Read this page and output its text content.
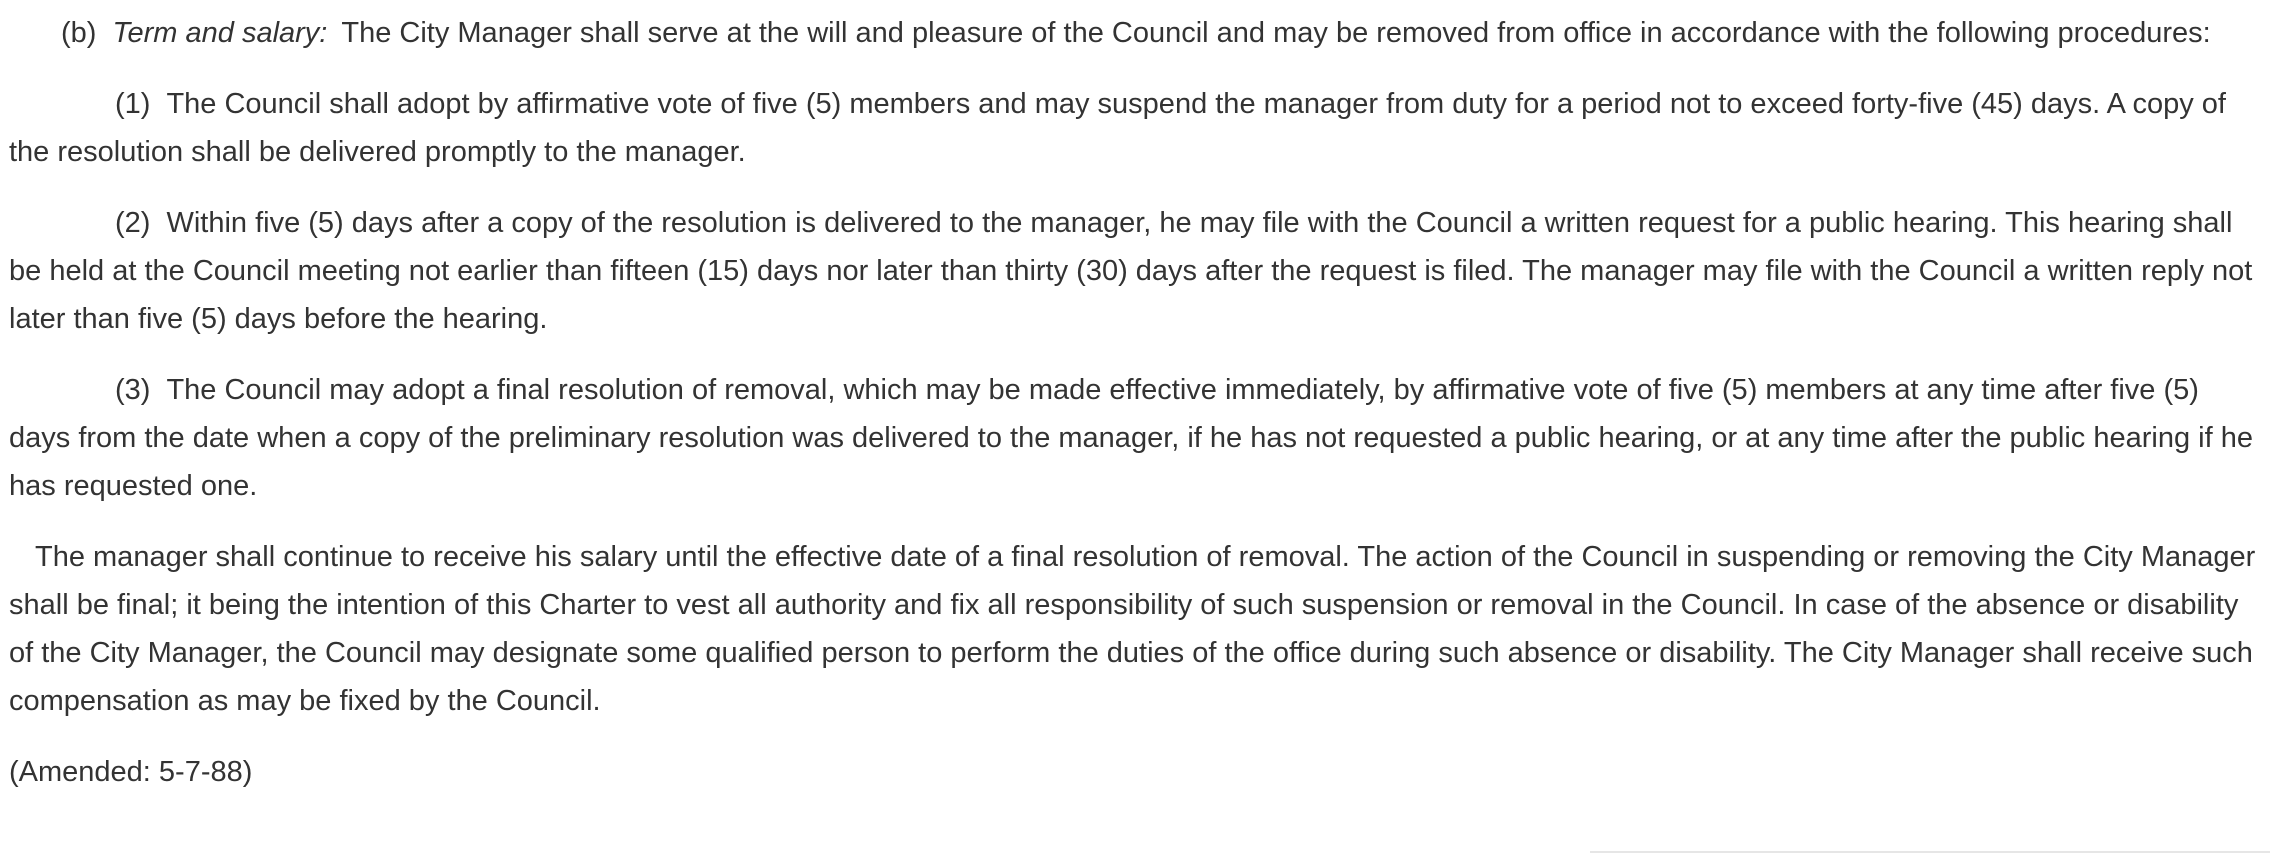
(b) Term and salary: The City Manager shall serve at the will and pleasure of the Council and may be removed from office in accordance with the following procedures:

(1) The Council shall adopt by affirmative vote of five (5) members and may suspend the manager from duty for a period not to exceed forty-five (45) days. A copy of the resolution shall be delivered promptly to the manager.

(2) Within five (5) days after a copy of the resolution is delivered to the manager, he may file with the Council a written request for a public hearing. This hearing shall be held at the Council meeting not earlier than fifteen (15) days nor later than thirty (30) days after the request is filed. The manager may file with the Council a written reply not later than five (5) days before the hearing.

(3) The Council may adopt a final resolution of removal, which may be made effective immediately, by affirmative vote of five (5) members at any time after five (5) days from the date when a copy of the preliminary resolution was delivered to the manager, if he has not requested a public hearing, or at any time after the public hearing if he has requested one.

The manager shall continue to receive his salary until the effective date of a final resolution of removal. The action of the Council in suspending or removing the City Manager shall be final; it being the intention of this Charter to vest all authority and fix all responsibility of such suspension or removal in the Council. In case of the absence or disability of the City Manager, the Council may designate some qualified person to perform the duties of the office during such absence or disability. The City Manager shall receive such compensation as may be fixed by the Council.

(Amended: 5-7-88)
